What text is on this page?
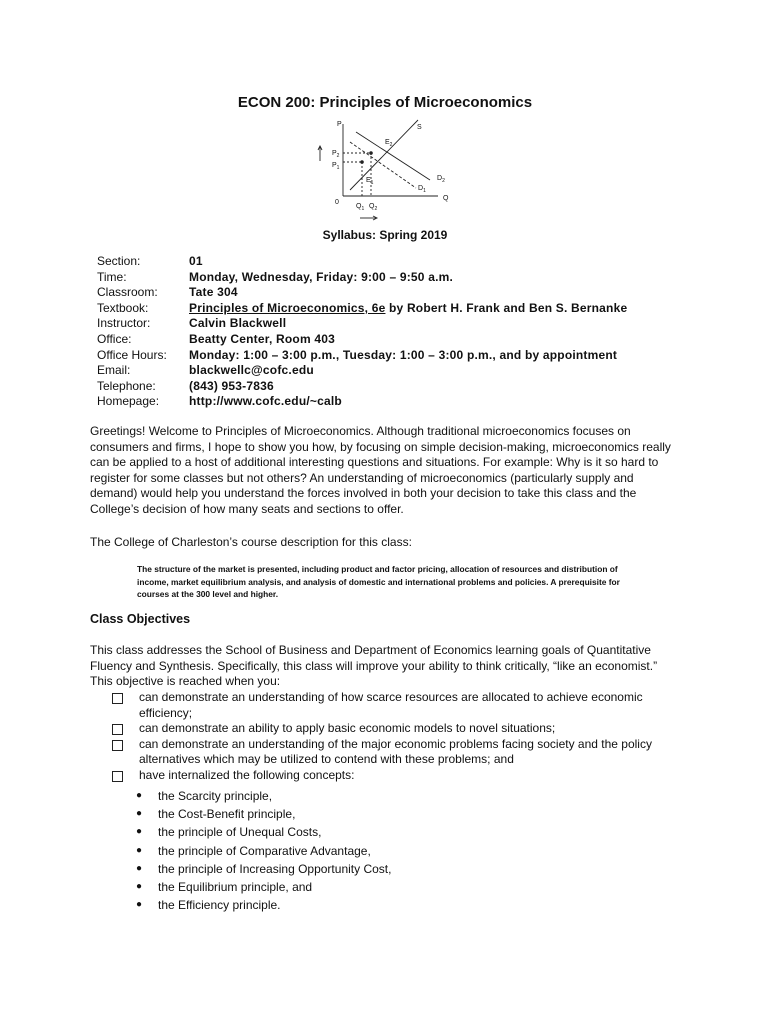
ECON 200: Principles of Microeconomics
P
Q
0
$P_2$
$P_1$
$Q_1$ $Q_2$
S
$D_1$
$D_2$
$E_1$
$E_2$
Syllabus: Spring 2019
Section:	01
Time:	Monday, Wednesday, Friday: 9:00 – 9:50 a.m.
Classroom:	Tate 304
Textbook:	Principles of Microeconomics, 6e by Robert H. Frank and Ben S. Bernanke
Instructor:	Calvin Blackwell
Office:	Beatty Center, Room 403
Office Hours:	Monday: 1:00 – 3:00 p.m., Tuesday: 1:00 – 3:00 p.m., and by appointment
Email:	blackwellc@cofc.edu
Telephone:	(843) 953-7836
Homepage:	http://www.cofc.edu/~calb
Greetings! Welcome to Principles of Microeconomics. Although traditional microeconomics focuses on consumers and firms, I hope to show you how, by focusing on simple decision-making, microeconomics really can be applied to a host of additional interesting questions and situations. For example: Why is it so hard to register for some classes but not others? An understanding of microeconomics (particularly supply and demand) would help you understand the forces involved in both your decision to take this class and the College’s decision of how many seats and sections to offer.
The College of Charleston’s course description for this class:
The structure of the market is presented, including product and factor pricing, allocation of resources and distribution of income, market equilibrium analysis, and analysis of domestic and international problems and policies. A prerequisite for courses at the 300 level and higher.
Class Objectives
This class addresses the School of Business and Department of Economics learning goals of Quantitative Fluency and Synthesis. Specifically, this class will improve your ability to think critically, “like an economist.” This objective is reached when you:
can demonstrate an understanding of how scarce resources are allocated to achieve economic efficiency;
can demonstrate an ability to apply basic economic models to novel situations;
can demonstrate an understanding of the major economic problems facing society and the policy alternatives which may be utilized to contend with these problems; and
have internalized the following concepts:
●	the Scarcity principle,
●	the Cost-Benefit principle,
●	the principle of Unequal Costs,
●	the principle of Comparative Advantage,
●	the principle of Increasing Opportunity Cost,
●	the Equilibrium principle, and
●	the Efficiency principle.
